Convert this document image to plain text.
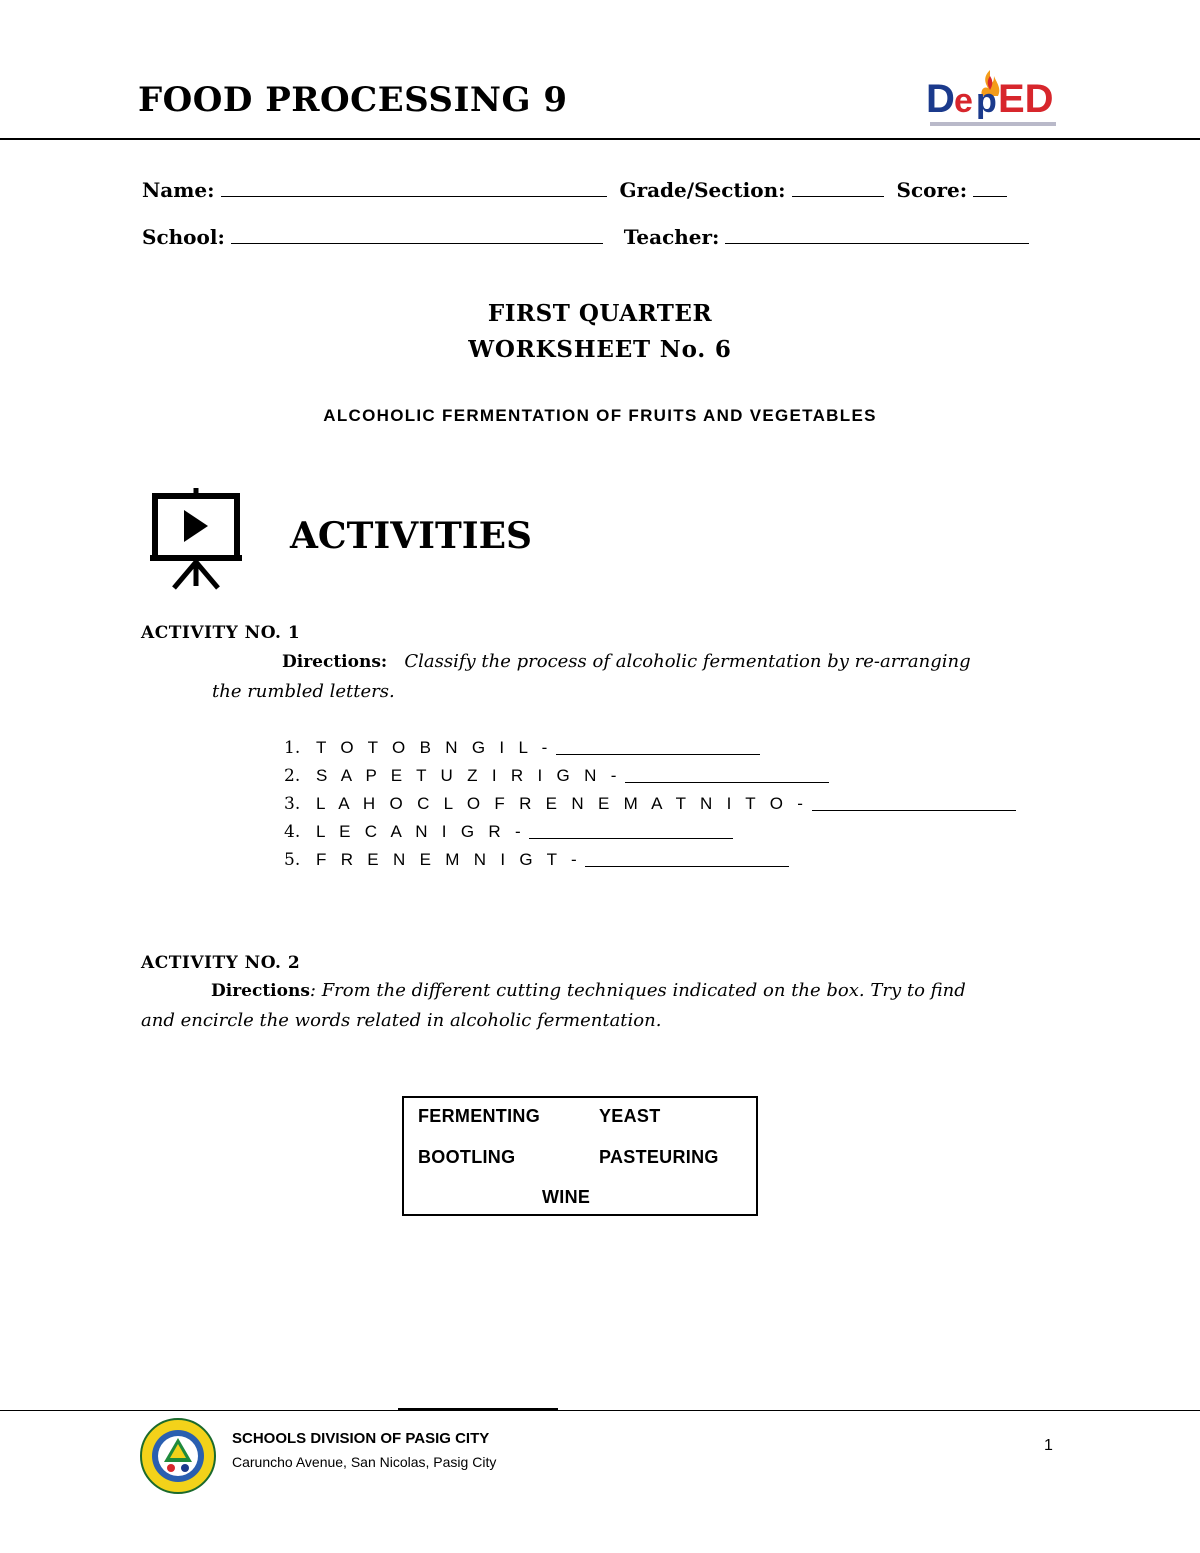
FOOD PROCESSING 9	D e p ED
Name:	Grade/Section:	Score:
School:	Teacher:
FIRST QUARTER
WORKSHEET No. 6
ALCOHOLIC FERMENTATION OF FRUITS AND VEGETABLES
ACTIVITIES
ACTIVITY NO. 1
Directions: Classify the process of alcoholic fermentation by re-arranging
the rumbled letters.
1. T O T O B N G I L -
2. S A P E T U Z I R I G N -
3. L A H O C L O F R E N E M A T N I T O -
4. L E C A N I G R -
5. F R E N E M N I G T -
ACTIVITY NO. 2
Directions: From the different cutting techniques indicated on the box. Try to find
and encircle the words related in alcoholic fermentation.
FERMENTING	YEAST
BOOTLING	PASTEURING
WINE
SCHOOLS DIVISION OF PASIG CITY
Caruncho Avenue, San Nicolas, Pasig City
1
